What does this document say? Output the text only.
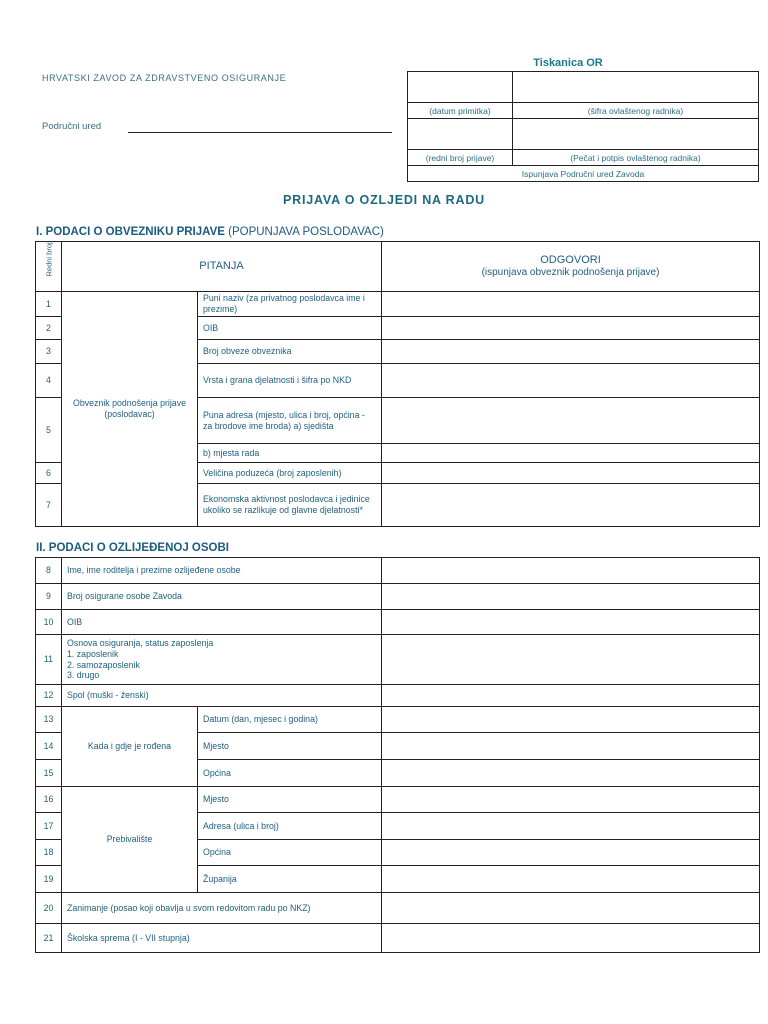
HRVATSKI ZAVOD ZA ZDRAVSTVENO OSIGURANJE
Područni ured
Tiskanica OR

(datum primitka)	(šifra ovlaštenog radnika)

(redni broj prijave)	(Pečat i potpis ovlaštenog radnika)
Ispunjava Područni ured Zavoda	
PRIJAVA O OZLJEDI NA RADU
I. PODACI O OBVEZNIKU PRIJAVE (POPUNJAVA POSLODAVAC)
Redni broj	PITANJA		ODGOVORI
(ispunjava obveznik podnošenja prijave)

1	Obveznik podnošenja prijave (poslodavac)	Puni naziv (za privatnog poslodavca ime i prezime)	
2		OIB	
3		Broj obveze obveznika	
4		Vrsta i grana djelatnosti i šifra po NKD	
5		Puna adresa (mjesto, ulica i broj, općina - za brodove ime broda) a) sjedišta	
		b) mjesta rada	
6		Veličina poduzeća (broj zaposlenih)	
7		Ekonomska aktivnost poslodavca i jedinice ukoliko se razlikuje od glavne djelatnosti*	
II. PODACI O OZLIJEĐENOJ OSOBI
8	Ime, ime roditelja i prezime ozlijeđene osobe		
9	Broj osigurane osobe Zavoda		
10	OIB		
11	Osnova osiguranja, status zaposlenja
1. zaposlenik
2. samozaposlenik
3. drugo		

12	Spol (muški - ženski)		
13	Kada i gdje je rođena	Datum (dan, mjesec i godina)	
14		Mjesto	
15		Općina	
16	Prebivalište	Mjesto	
17		Adresa (ulica i broj)	
18		Općina	
19		Županija	
20	Zanimanje (posao koji obavlja u svom redovitom radu po NKZ)		
21	Školska sprema (I - VII stupnja)		
